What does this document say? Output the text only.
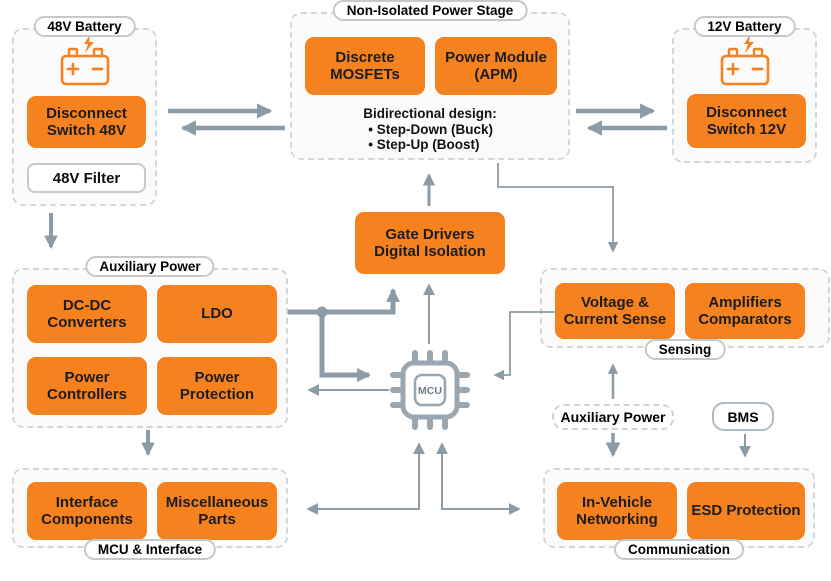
48V Battery
Disconnect Switch 48V
48V Filter
Non-Isolated Power Stage
Discrete MOSFETs
Power Module (APM)
Bidirectional design:
• Step-Down (Buck)
• Step-Up (Boost)
12V Battery
Disconnect Switch 12V
Gate Drivers
Digital Isolation
Auxiliary Power
DC-DC Converters
LDO
Power Controllers
Power Protection
Sensing
Voltage & Current Sense
Amplifiers Comparators
MCU
Auxiliary Power	BMS
MCU & Interface
Interface Components
Miscellaneous Parts
Communication
In-Vehicle Networking
ESD Protection
